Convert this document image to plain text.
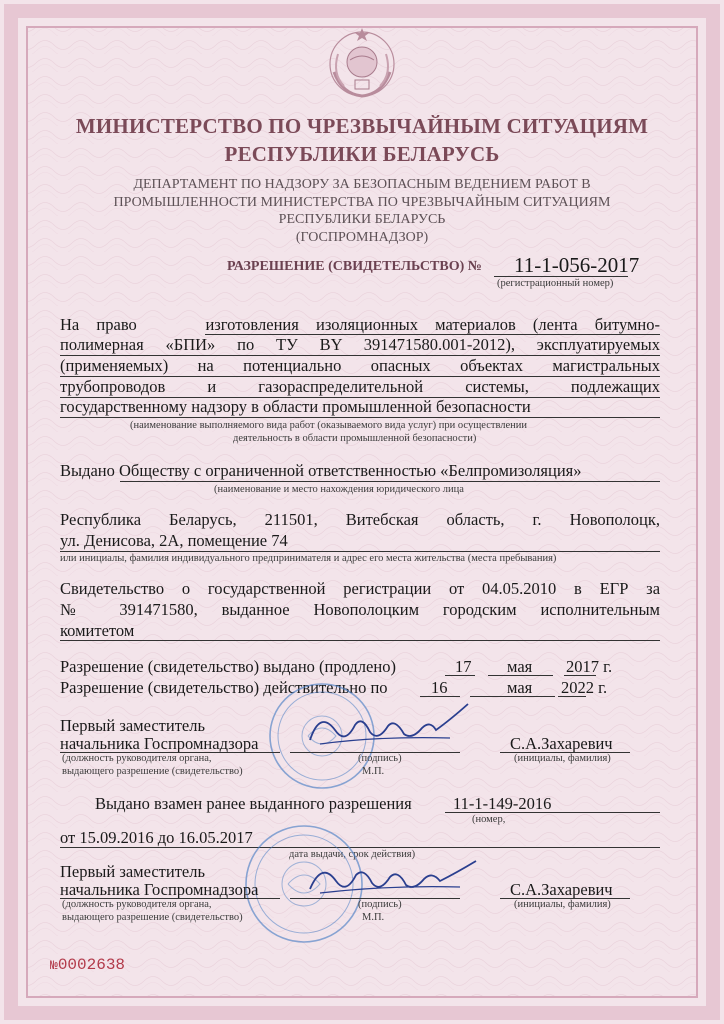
МИНИСТЕРСТВО ПО ЧРЕЗВЫЧАЙНЫМ СИТУАЦИЯМ
РЕСПУБЛИКИ БЕЛАРУСЬ
ДЕПАРТАМЕНТ ПО НАДЗОРУ ЗА БЕЗОПАСНЫМ ВЕДЕНИЕМ РАБОТ В
ПРОМЫШЛЕННОСТИ МИНИСТЕРСТВА ПО ЧРЕЗВЫЧАЙНЫМ СИТУАЦИЯМ
РЕСПУБЛИКИ БЕЛАРУСЬ
(ГОСПРОМНАДЗОР)
РАЗРЕШЕНИЕ (СВИДЕТЕЛЬСТВО) № 11-1-056-2017
(регистрационный номер)
На право	изготовления изоляционных материалов (лента битумно-
полимерная «БПИ» по ТУ BY 391471580.001-2012), эксплуатируемых
(применяемых) на потенциально опасных объектах магистральных
трубопроводов и газораспределительной системы, подлежащих
государственному надзору в области промышленной безопасности
(наименование выполняемого вида работ (оказываемого вида услуг) при осуществлении
деятельность в области промышленной безопасности)
Выдано Обществу с ограниченной ответственностью «Белпромизоляция»
(наименование и место нахождения юридического лица
Республика Беларусь, 211501, Витебская область, г. Новополоцк,
ул. Денисова, 2А, помещение 74
или инициалы, фамилия индивидуального предпринимателя и адрес его места жительства (места пребывания)
Свидетельство о государственной регистрации от 04.05.2010 в ЕГР за
№ 391471580, выданное Новополоцким городским исполнительным
комитетом
Разрешение (свидетельство) выдано (продлено)	17 мая 2017 г.
Разрешение (свидетельство) действительно по	16	мая 2022 г.
Первый заместитель
начальника Госпромнадзора	С.А.Захаревич
(должность руководителя органа,
выдающего разрешение (свидетельство)
(подпись)
М.П.
(инициалы, фамилия)
Выдано взамен ранее выданного разрешения	11-1-149-2016
(номер,
от 15.09.2016 до 16.05.2017
дата выдачи, срок действия)
Первый заместитель
начальника Госпромнадзора	С.А.Захаревич
(должность руководителя органа,
выдающего разрешение (свидетельство)
(подпись)
М.П.
(инициалы, фамилия)
№0002638
